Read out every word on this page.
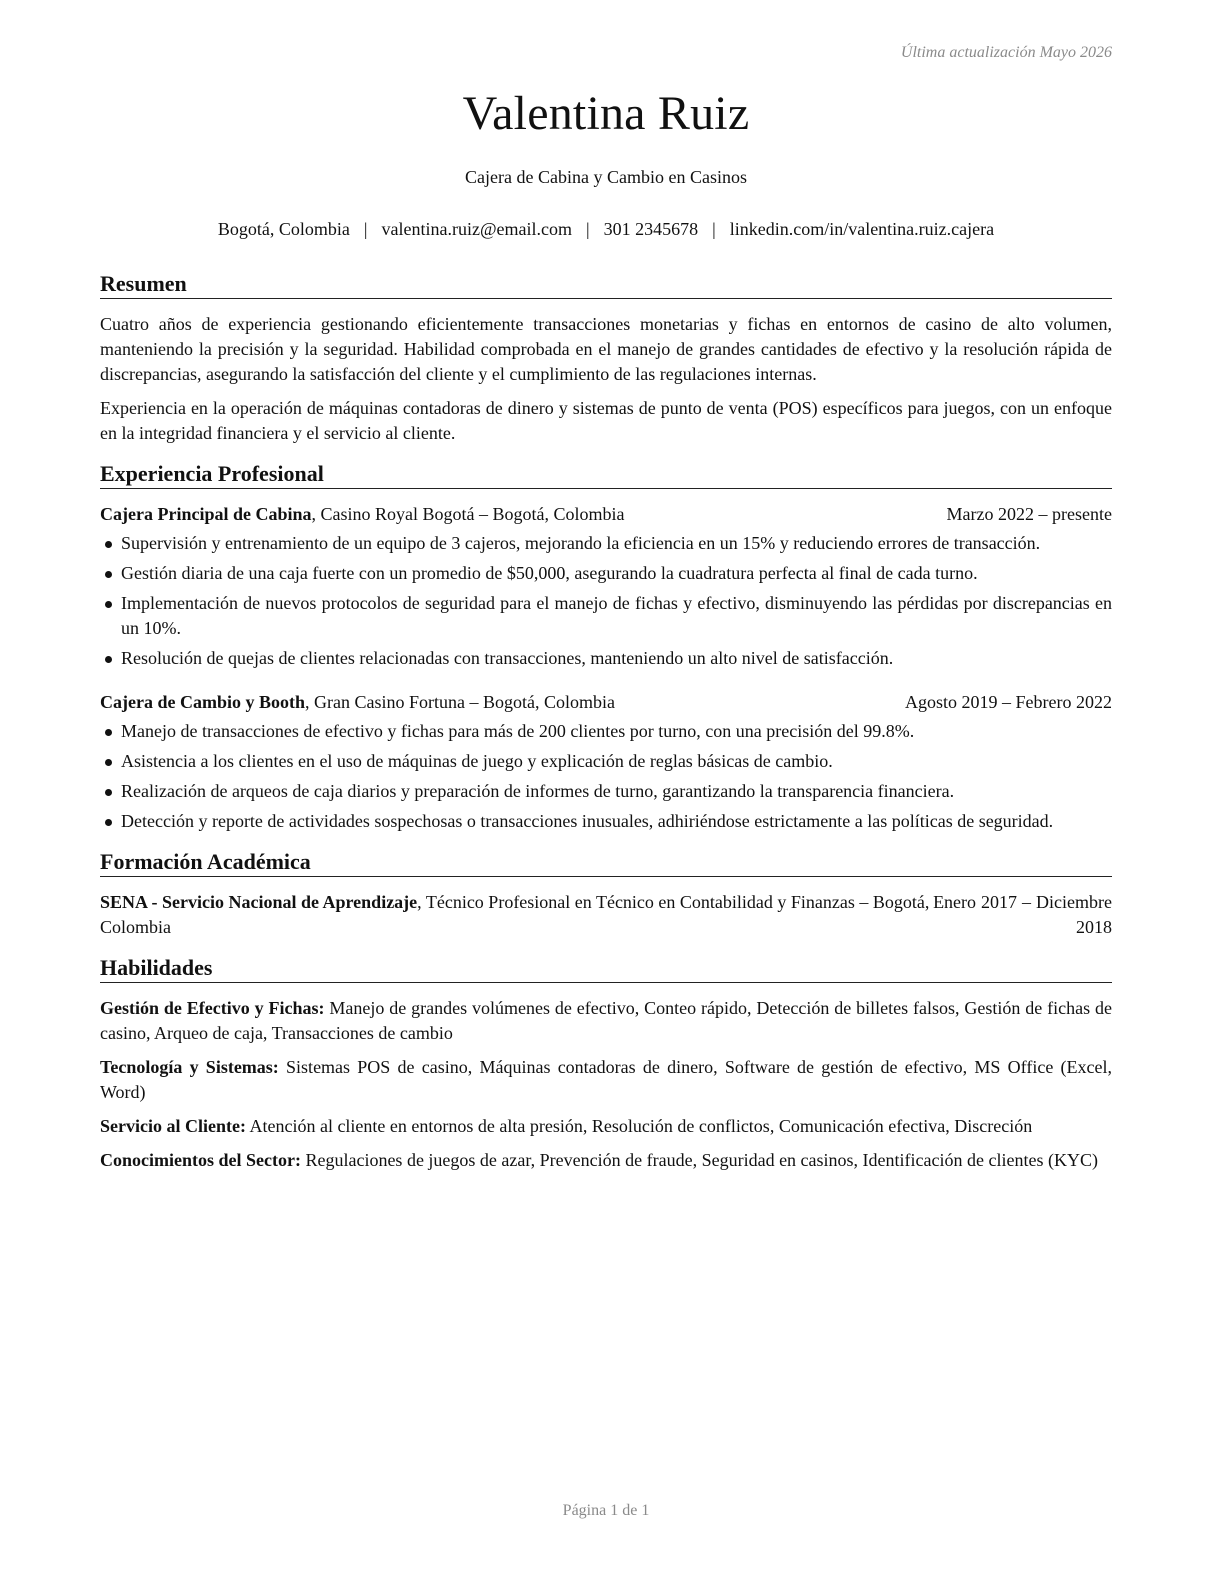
Última actualización Mayo 2026
Valentina Ruiz
Cajera de Cabina y Cambio en Casinos
Bogotá, Colombia | valentina.ruiz@email.com | 301 2345678 | linkedin.com/in/valentina.ruiz.cajera
Resumen

Cuatro años de experiencia gestionando eficientemente transacciones monetarias y fichas en entornos de casino de alto volumen, manteniendo la precisión y la seguridad. Habilidad comprobada en el manejo de grandes cantidades de efectivo y la resolución rápida de discrepancias, asegurando la satisfacción del cliente y el cumplimiento de las regulaciones internas.

Experiencia en la operación de máquinas contadoras de dinero y sistemas de punto de venta (POS) específicos para juegos, con un enfoque en la integridad financiera y el servicio al cliente.

Experiencia Profesional
Cajera Principal de Cabina, Casino Royal Bogotá – Bogotá, Colombia	Marzo 2022 – presente
Supervisión y entrenamiento de un equipo de 3 cajeros, mejorando la eficiencia en un 15% y reduciendo errores de transacción.
Gestión diaria de una caja fuerte con un promedio de $50,000, asegurando la cuadratura perfecta al final de cada turno.
Implementación de nuevos protocolos de seguridad para el manejo de fichas y efectivo, disminuyendo las pérdidas por discrepancias en un 10%.
Resolución de quejas de clientes relacionadas con transacciones, manteniendo un alto nivel de satisfacción.
Cajera de Cambio y Booth, Gran Casino Fortuna – Bogotá, Colombia	Agosto 2019 – Febrero 2022
Manejo de transacciones de efectivo y fichas para más de 200 clientes por turno, con una precisión del 99.8%.
Asistencia a los clientes en el uso de máquinas de juego y explicación de reglas básicas de cambio.
Realización de arqueos de caja diarios y preparación de informes de turno, garantizando la transparencia financiera.
Detección y reporte de actividades sospechosas o transacciones inusuales, adhiriéndose estrictamente a las políticas de seguridad.
Formación Académica
SENA - Servicio Nacional de Aprendizaje, Técnico Profesional en Técnico en Contabilidad y Finanzas – Bogotá, Colombia
Enero 2017 – Diciembre 2018
Habilidades

Gestión de Efectivo y Fichas: Manejo de grandes volúmenes de efectivo, Conteo rápido, Detección de billetes falsos, Gestión de fichas de casino, Arqueo de caja, Transacciones de cambio

Tecnología y Sistemas: Sistemas POS de casino, Máquinas contadoras de dinero, Software de gestión de efectivo, MS Office (Excel, Word)

Servicio al Cliente: Atención al cliente en entornos de alta presión, Resolución de conflictos, Comunicación efectiva, Discreción

Conocimientos del Sector: Regulaciones de juegos de azar, Prevención de fraude, Seguridad en casinos, Identificación de clientes (KYC)

Página 1 de 1
